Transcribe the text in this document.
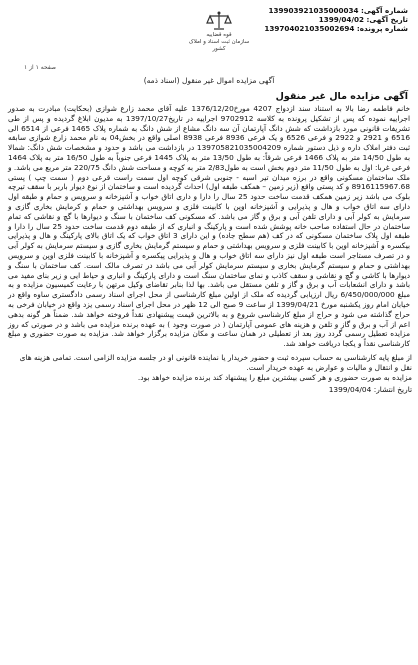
شماره آگهی: 139903921035000034
تاریخ آگهی: 1399/04/02
شماره پرونده: 139704021035002694
قوه قضاییه
سازمان ثبت اسناد و املاک کشور
صفحه ۱ از ۱
آگهی مزایده اموال غیر منقول (اسناد ذمه)
آگهی مزایده مال غیر منقول
خانم فاطمه رضا بالا به استناد سند ازدواج 4207 مورخ1376/12/20 علیه آقای محمد زارع شوازی (بحکایت) مبادرت به صدور اجراییه نموده که پس از تشکیل پرونده به کلاسه 9702912 اجراییه در تاریخ1397/10/27 به مدیون ابلاغ گردیده و پس از طی تشریفات قانونی مورد بازداشت که شش دانگ آپارتمان آن سه دانگ مشاع از شش دانگ به شماره پلاک 1465 فرعی از 6514 الی 6516 و 2921 و 2922 و فرعی 6526 و یک فرعی 8936 فرعی 8938 اصلی واقع در بخش04 به نام محمد زارع شوازی سابقه ثبت دفتر املاک داره و ذیل دستور شماره 139705821035004209 در بازداشت می باشد و حدود و مشخصات شش دانگ: شمالا به طول 14/50 متر به پلاک 1466 فرعی شرقاً: به طول 13/50 متر به پلاک 1445 فرعی جنوباً به طول 16/50 متر به پلاک 1464 فرعی غربا: اول به طول 11/50 متر دوم بخش است به طول2/83 متر به کوچه و مساحت شش دانگ 220/75 متر مربع می باشد. و ملک ساختمان مسکونی واقع در برزه میدان تیر اسبه - جنوبی شرقی کوچه اول سمت راست قرعی دوم ( سمت چپ ) پستی 8916115967.68 و کد پستی واقع (زیر زمین – همکف طبقه اول) احداث گردیده است و ساختمان از نوع دیوار باربر با سقف تیرچه بلوک می باشد زیر زمین همکف قدمت ساخت حدود 25 سال را دارا و داری اتاق خواب و آشپزخانه و سرویس و حمام و طبقه اول دارای سه اتاق خواب و هال و پذیرایی و آشپزخانه اوپن با کابینت فلزی و سرویس بهداشتی و حمام و کرمایش بخاری گازی و سرمایش به کولر آبی و دارای تلفن آبی و برق و گاز می باشد. که مسکونی کف ساختمان با سنگ و دیوارها با گچ و نقاشی که تمام ساختمان در حال استفاده صاحب خانه پوشش شده است و پارکینگ و انباری که از طبقه دوم قدمت ساخت حدود 25 سال را دارا و طبقه اول پلاک ساختمان مسکونی که در کف (هم سطح جاده) و این دارای 3 اتاق خواب که یک اتاق بالای پارکینگ و هال و پذیرایی بیکسره و آشپزخانه اوپن با کابینت فلزی و سرویس بهداشتی و حمام و سیستم گرمایش بخاری گازی و سیستم سرمایش به کولر آبی و در تصرف مستاجر است طبقه اول نیز دارای سه اتاق خواب و هال و پذیرایی پیکسره و آشپزخانه با کابینت فلزی اوپن و سرویس بهداشتی و حمام و سیستم گرمایش بخاری و سیستم سرمایش کولر آبی می باشد در تصرف مالک است. کف ساختمان با سنگ و دیوارها با کاشی و گچ و نقاشی و سقف کاذب و نمای ساختمان سنگ است و دارای پارکینگ و انباری و حیاط ایی و زیر بنای مفید می باشد و دارای انشعابات آب و برق و گاز و تلفن مستقل می باشد. بها لذا بنابر تقاضای وکیل مرتهن با رعایت کمیسیون مزایده و به مبلغ 6/450/000/000 ریال ارزیابی گردیده که ملک از اولین مبلغ کارشناسی از محل اجرای اسناد رسمی دادگستری ساوه واقع در خیابان امام روز یکشنبه مورخ 1399/04/21 از ساعت 9 صبح الی 12 ظهر در محل اجرای اسناد رسمی یزد واقع در خیابان فرخی به حراج گذاشته می شود و حراج از مبلغ کارشناسی شروع و به بالاترین قیمت پیشنهادی نقداً فروخته خواهد شد. ضمناً هر گونه بدهی اعم از آب و برق و گاز و تلفن و هزینه های عمومی آپارتمان ( در صورت وجود ) به عهده برنده مزایده می باشد و در صورتی که روز مزایده تعطیل رسمی گردد روز بعد از تعطیلی در همان ساعت و مکان مزایده برگزار خواهد شد. مزایده به صورت حضوری و مبلغ کارشناسی نقداً و یکجا دریافت خواهد شد.
از مبلغ پایه کارشناسی به حساب سپرده ثبت و حضور خریدار یا نماینده قانونی او در جلسه مزایده الزامی است. تمامی هزینه های نقل و انتقال و مالیات و عوارض به عهده خریدار است.
مزایده به صورت حضوری و هر کسی بیشترین مبلغ را پیشنهاد کند برنده مزایده خواهد بود.
تاریخ انتشار: 1399/04/04
